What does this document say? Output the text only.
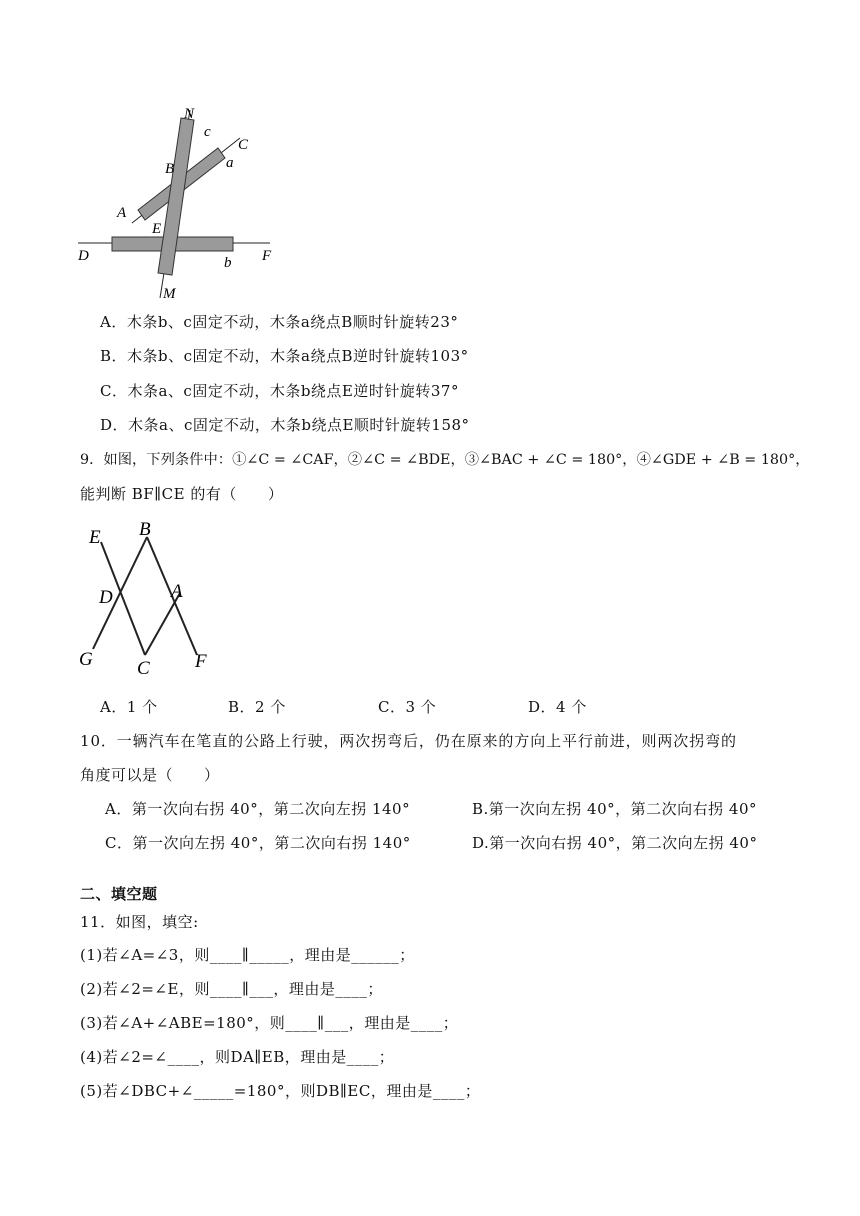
N
c
C
a
B
A
E
D	b F
M
A．木条b、c固定不动，木条a绕点B顺时针旋转23°
B．木条b、c固定不动，木条a绕点B逆时针旋转103°
C．木条a、c固定不动，木条b绕点E逆时针旋转37°
D．木条a、c固定不动，木条b绕点E顺时针旋转158°
9．如图，下列条件中：①∠C = ∠CAF，②∠C = ∠BDE，③∠BAC + ∠C = 180°，④∠GDE + ∠B = 180°，
能判断 BF∥CE 的有（　　）
E B
D	A
G C F
A．1 个	B．2 个	C．3 个	D．4 个
10．一辆汽车在笔直的公路上行驶，两次拐弯后，仍在原来的方向上平行前进，则两次拐弯的
角度可以是（　　）
A．第一次向右拐 40°，第二次向左拐 140°	B.第一次向左拐 40°，第二次向右拐 40°
C．第一次向左拐 40°，第二次向右拐 140°	D.第一次向右拐 40°，第二次向左拐 40°
二、填空题
11．如图，填空:
(1)若∠A=∠3，则____∥_____，理由是______；
(2)若∠2=∠E，则____∥___，理由是____；
(3)若∠A+∠ABE=180°，则____∥___，理由是____；
(4)若∠2=∠____，则DA∥EB，理由是____；
(5)若∠DBC+∠_____=180°，则DB∥EC，理由是____；
